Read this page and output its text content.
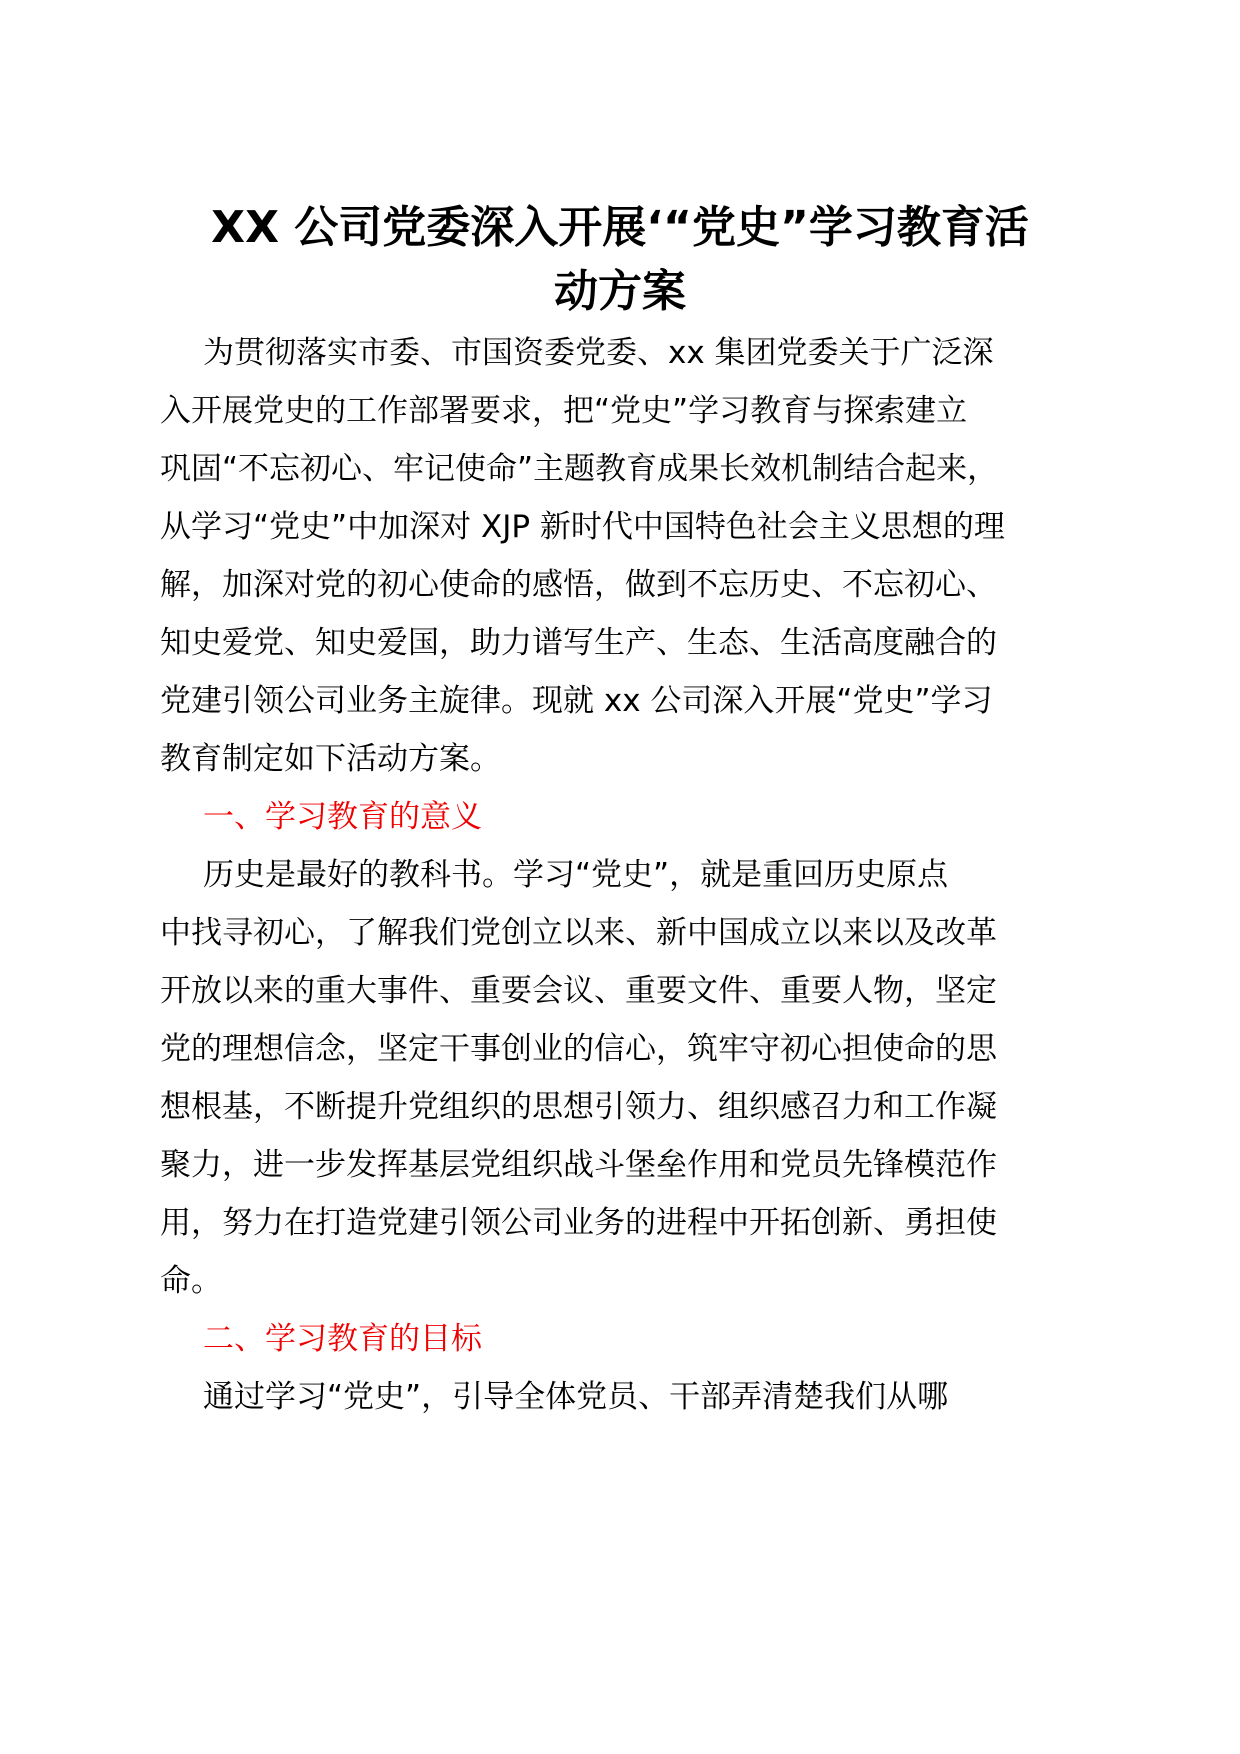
XX 公司党委深入开展‘“党史”学习教育活
动方案

为贯彻落实市委、市国资委党委、xx 集团党委关于广泛深

入开展党史的工作部署要求，把“党史”学习教育与探索建立

巩固“不忘初心、牢记使命”主题教育成果长效机制结合起来，

从学习“党史”中加深对 XJP 新时代中国特色社会主义思想的理

解，加深对党的初心使命的感悟，做到不忘历史、不忘初心、

知史爱党、知史爱国，助力谱写生产、生态、生活高度融合的

党建引领公司业务主旋律。现就 xx 公司深入开展“党史”学习

教育制定如下活动方案。

一、学习教育的意义

历史是最好的教科书。学习“党史”，就是重回历史原点

中找寻初心，了解我们党创立以来、新中国成立以来以及改革

开放以来的重大事件、重要会议、重要文件、重要人物，坚定

党的理想信念，坚定干事创业的信心，筑牢守初心担使命的思

想根基，不断提升党组织的思想引领力、组织感召力和工作凝

聚力，进一步发挥基层党组织战斗堡垒作用和党员先锋模范作

用，努力在打造党建引领公司业务的进程中开拓创新、勇担使

命。

二、学习教育的目标

通过学习“党史”，引导全体党员、干部弄清楚我们从哪
